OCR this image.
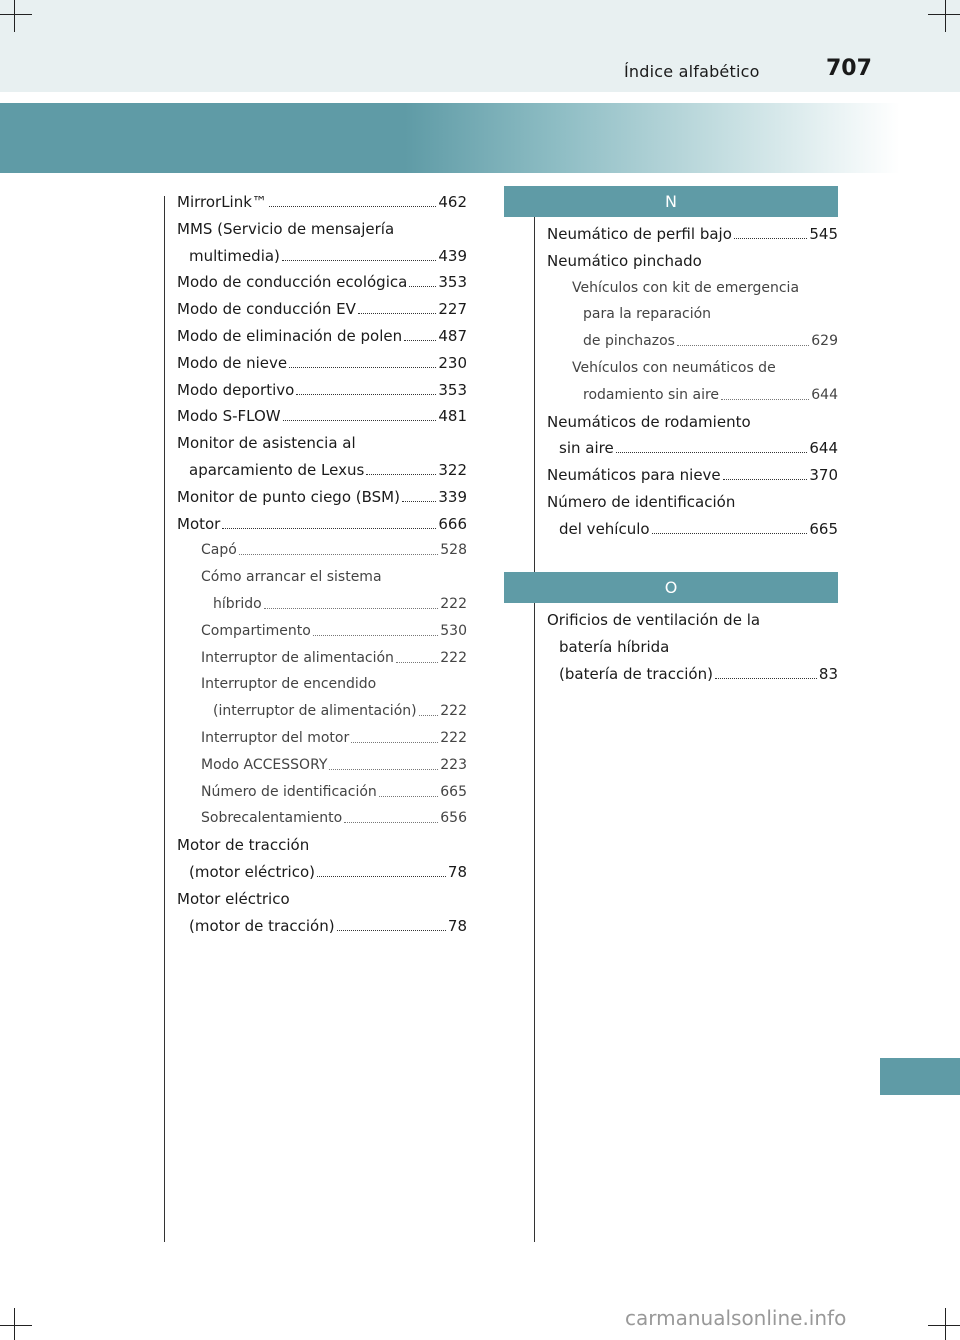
Índice alfabético	707
N
O
MirrorLink™	462
MMS (Servicio de mensajería
multimedia)	439
Modo de conducción ecológica 353
Modo de conducción EV	227
Modo de eliminación de polen 487
Modo de nieve	230
Modo deportivo	353
Modo S-FLOW	481
Monitor de asistencia al
aparcamiento de Lexus	322
Monitor de punto ciego (BSM)	339
Motor	666
Capó	528
Cómo arrancar el sistema
híbrido	222
Compartimento	530
Interruptor de alimentación	222
Interruptor de encendido
(interruptor de alimentación) 222
Interruptor del motor	222
Modo ACCESSORY	223
Número de identificación	665
Sobrecalentamiento	656
Motor de tracción
(motor eléctrico)	78
Motor eléctrico
(motor de tracción)	78
Neumático de perfil bajo	545
Neumático pinchado
Vehículos con kit de emergencia
para la reparación
de pinchazos	629
Vehículos con neumáticos de
rodamiento sin aire	644
Neumáticos de rodamiento
sin aire	644
Neumáticos para nieve	370
Número de identificación
del vehículo	665
Orificios de ventilación de la
batería híbrida
(batería de tracción)	83
carmanualsonline.info
